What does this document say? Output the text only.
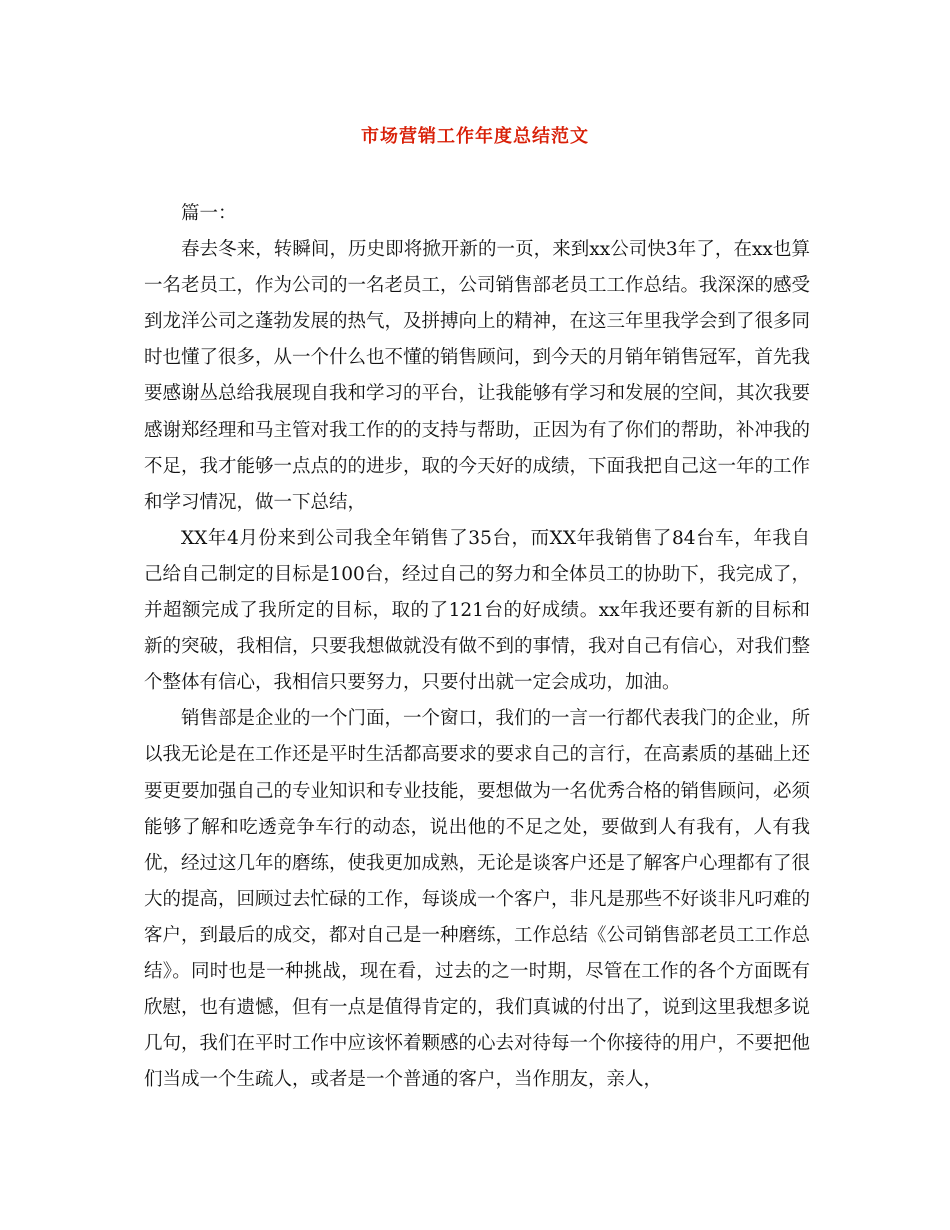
市场营销工作年度总结范文

篇一：

春去冬来，转瞬间，历史即将掀开新的一页，来到xx公司快3年了，在xx也算一名老员工，作为公司的一名老员工，公司销售部老员工工作总结。我深深的感受到龙洋公司之蓬勃发展的热气，及拼搏向上的精神，在这三年里我学会到了很多同时也懂了很多，从一个什么也不懂的销售顾问，到今天的月销年销售冠军，首先我要感谢丛总给我展现自我和学习的平台，让我能够有学习和发展的空间，其次我要感谢郑经理和马主管对我工作的的支持与帮助，正因为有了你们的帮助，补冲我的不足，我才能够一点点的的进步，取的今天好的成绩，下面我把自己这一年的工作和学习情况，做一下总结，

XX年4月份来到公司我全年销售了35台，而XX年我销售了84台车，年我自己给自己制定的目标是100台，经过自己的努力和全体员工的协助下，我完成了，并超额完成了我所定的目标，取的了121台的好成绩。xx年我还要有新的目标和新的突破，我相信，只要我想做就没有做不到的事情，我对自己有信心，对我们整个整体有信心，我相信只要努力，只要付出就一定会成功，加油。

销售部是企业的一个门面，一个窗口，我们的一言一行都代表我门的企业，所以我无论是在工作还是平时生活都高要求的要求自己的言行，在高素质的基础上还要更要加强自己的专业知识和专业技能，要想做为一名优秀合格的销售顾问，必须能够了解和吃透竞争车行的动态，说出他的不足之处，要做到人有我有，人有我优，经过这几年的磨练，使我更加成熟，无论是谈客户还是了解客户心理都有了很大的提高，回顾过去忙碌的工作，每谈成一个客户，非凡是那些不好谈非凡叼难的客户，到最后的成交，都对自己是一种磨练，工作总结《公司销售部老员工工作总结》。同时也是一种挑战，现在看，过去的之一时期，尽管在工作的各个方面既有欣慰，也有遗憾，但有一点是值得肯定的，我们真诚的付出了，说到这里我想多说几句，我们在平时工作中应该怀着颗感的心去对待每一个你接待的用户，不要把他们当成一个生疏人，或者是一个普通的客户，当作朋友，亲人，
